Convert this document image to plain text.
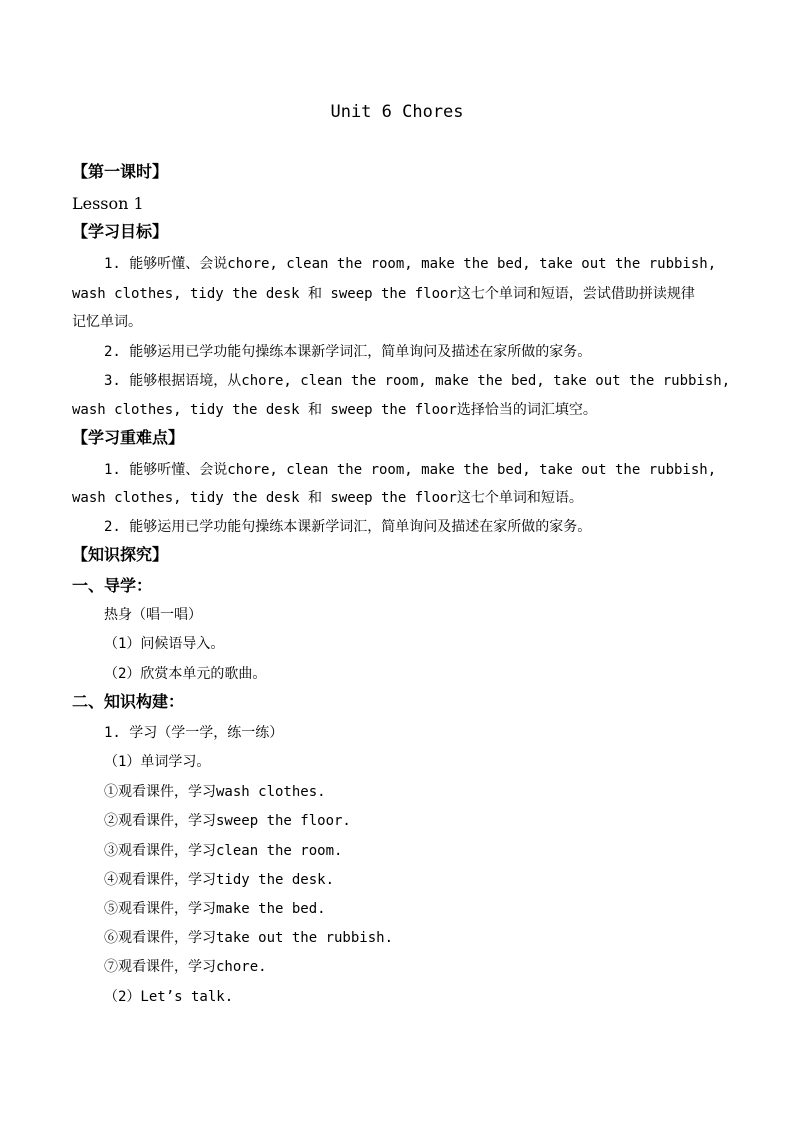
Unit 6 Chores
【第一课时】
Lesson 1
【学习目标】
1. 能够听懂、会说chore, clean the room, make the bed, take out the rubbish,
wash clothes, tidy the desk 和 sweep the floor这七个单词和短语，尝试借助拼读规律
记忆单词。
2. 能够运用已学功能句操练本课新学词汇，简单询问及描述在家所做的家务。
3. 能够根据语境，从chore, clean the room, make the bed, take out the rubbish,
wash clothes, tidy the desk 和 sweep the floor选择恰当的词汇填空。
【学习重难点】
1. 能够听懂、会说chore, clean the room, make the bed, take out the rubbish,
wash clothes, tidy the desk 和 sweep the floor这七个单词和短语。
2. 能够运用已学功能句操练本课新学词汇，简单询问及描述在家所做的家务。
【知识探究】
一、导学：
热身（唱一唱）
（1）问候语导入。
（2）欣赏本单元的歌曲。
二、知识构建：
1. 学习（学一学，练一练）
（1）单词学习。
①观看课件，学习wash clothes.
②观看课件，学习sweep the floor.
③观看课件，学习clean the room.
④观看课件，学习tidy the desk.
⑤观看课件，学习make the bed.
⑥观看课件，学习take out the rubbish.
⑦观看课件，学习chore.
（2）Let’s talk.
